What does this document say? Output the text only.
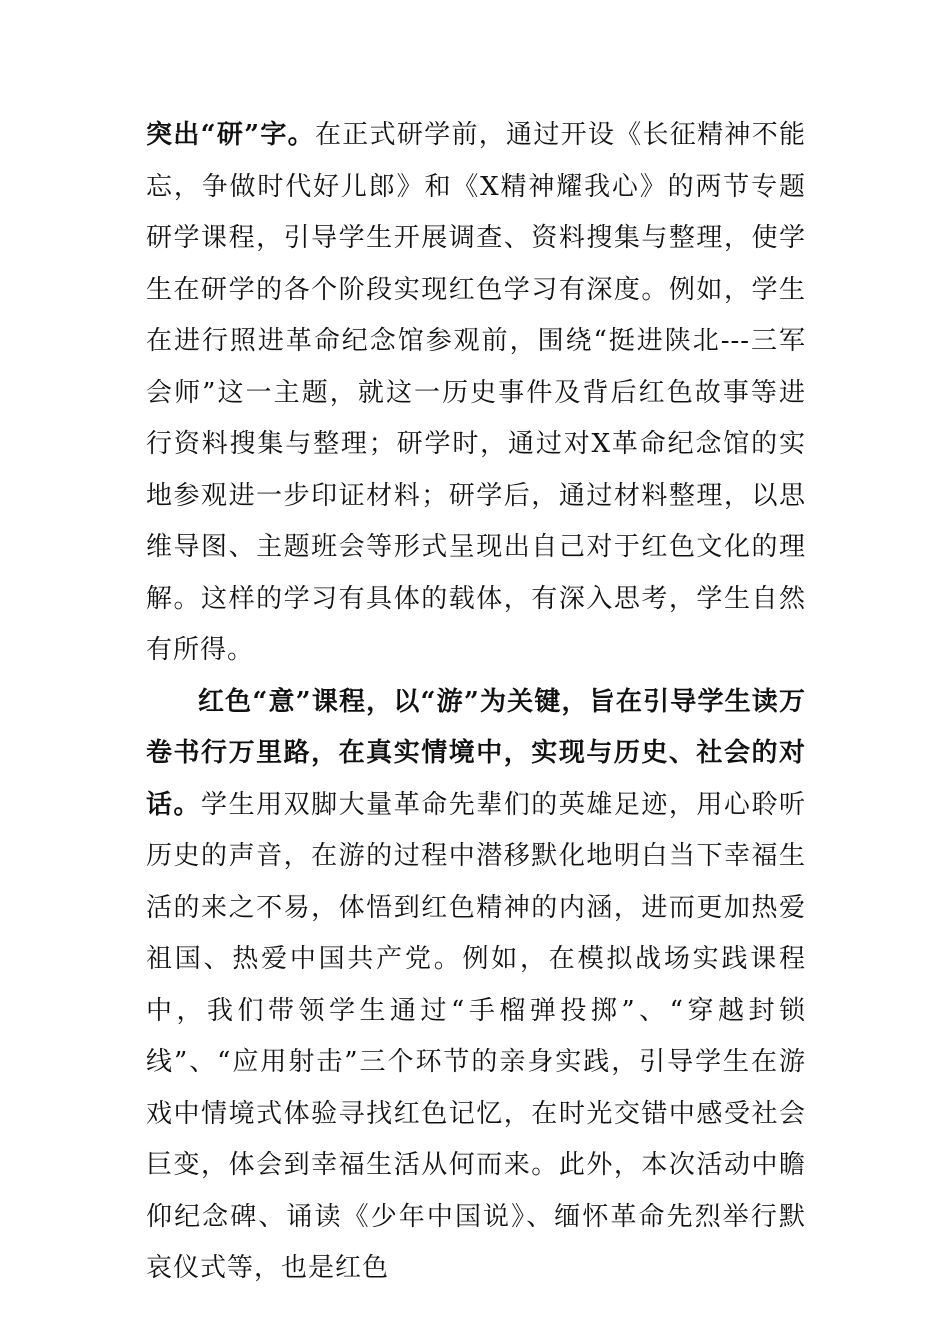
突出“研”字。在正式研学前，通过开设《长征精神不能忘，争做时代好儿郎》和《X精神耀我心》的两节专题研学课程，引导学生开展调查、资料搜集与整理，使学生在研学的各个阶段实现红色学习有深度。例如，学生在进行照进革命纪念馆参观前，围绕“挺进陕北---三军会师”这一主题，就这一历史事件及背后红色故事等进行资料搜集与整理；研学时，通过对X革命纪念馆的实地参观进一步印证材料；研学后，通过材料整理，以思维导图、主题班会等形式呈现出自己对于红色文化的理解。这样的学习有具体的载体，有深入思考，学生自然有所得。

红色“意”课程，以“游”为关键，旨在引导学生读万卷书行万里路，在真实情境中，实现与历史、社会的对话。学生用双脚大量革命先辈们的英雄足迹，用心聆听历史的声音，在游的过程中潜移默化地明白当下幸福生活的来之不易，体悟到红色精神的内涵，进而更加热爱祖国、热爱中国共产党。例如，在模拟战场实践课程中，我们带领学生通过“手榴弹投掷”、“穿越封锁线”、“应用射击”三个环节的亲身实践，引导学生在游戏中情境式体验寻找红色记忆，在时光交错中感受社会巨变，体会到幸福生活从何而来。此外，本次活动中瞻仰纪念碑、诵读《少年中国说》、缅怀革命先烈举行默哀仪式等，也是红色
